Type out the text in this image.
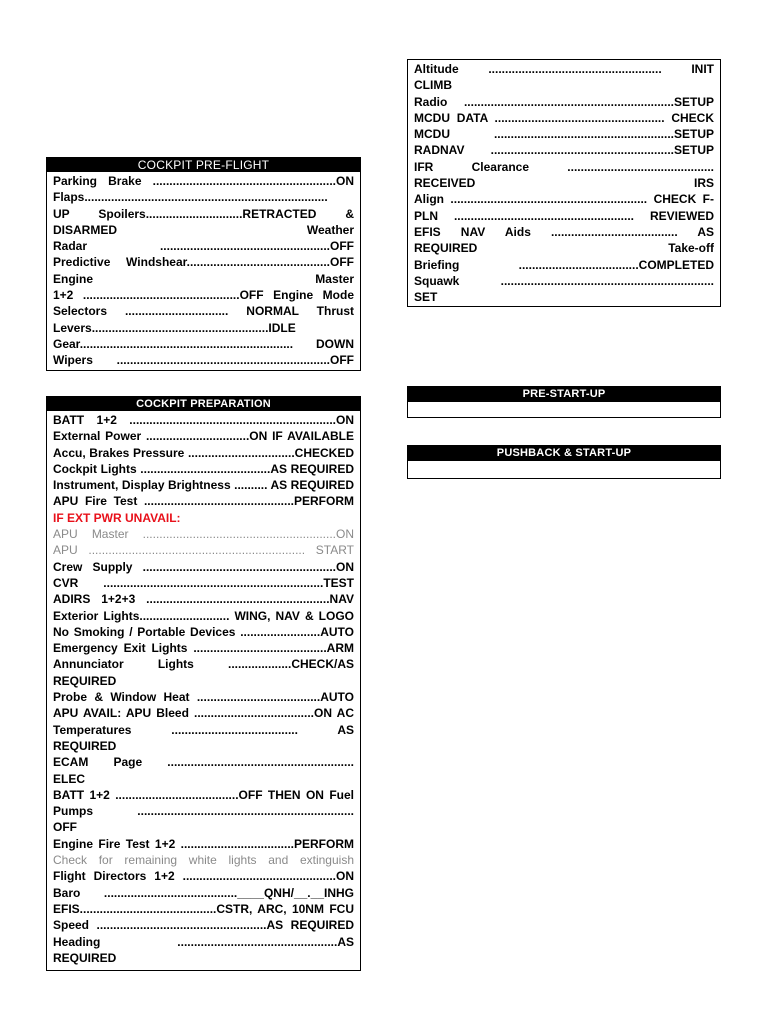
COCKPIT PRE-FLIGHT
Parking Brake .......................................................ON
Flaps.........................................................................
UP Spoilers.............................RETRACTED &
DISARMED Weather
Radar ...................................................OFF
Predictive Windshear...........................................OFF
Engine Master
1+2 ...............................................OFF Engine Mode
Selectors ............................... NORMAL Thrust
Levers.....................................................IDLE
Gear................................................................ DOWN
Wipers ................................................................OFF
COCKPIT PREPARATION
BATT 1+2 ..............................................................ON
External Power ...............................ON IF AVAILABLE
Accu, Brakes Pressure ................................CHECKED
Cockpit Lights .......................................AS REQUIRED
Instrument, Display Brightness .......... AS REQUIRED
APU Fire Test .............................................PERFORM
IF EXT PWR UNAVAIL:
APU Master ..........................................................ON
APU ................................................................. START
Crew Supply ..........................................................ON
CVR ..................................................................TEST
ADIRS 1+2+3 .......................................................NAV
Exterior Lights........................... WING, NAV & LOGO
No Smoking / Portable Devices ........................AUTO
Emergency Exit Lights ........................................ARM
Annunciator Lights ...................CHECK/AS
REQUIRED
Probe & Window Heat .....................................AUTO
APU AVAIL: APU Bleed ....................................ON AC
Temperatures ...................................... AS
REQUIRED
ECAM Page ........................................................
ELEC
BATT 1+2 .....................................OFF THEN ON Fuel
Pumps .................................................................
OFF
Engine Fire Test 1+2 ..................................PERFORM
Check for remaining white lights and extinguish
Flight Directors 1+2 ..............................................ON
Baro ........................................____QNH/__.__INHG
EFIS.........................................CSTR, ARC, 10NM FCU
Speed ...................................................AS REQUIRED
Heading ................................................AS
REQUIRED
Altitude .................................................... INIT
CLIMB
Radio ...............................................................SETUP
MCDU DATA ................................................... CHECK
MCDU ......................................................SETUP
RADNAV .......................................................SETUP
IFR Clearance ............................................
RECEIVED IRS
Align ........................................................... CHECK F-
PLN ...................................................... REVIEWED
EFIS NAV Aids ...................................... AS
REQUIRED Take-off
Briefing ....................................COMPLETED
Squawk ................................................................
SET
PRE-START-UP
PUSHBACK & START-UP
